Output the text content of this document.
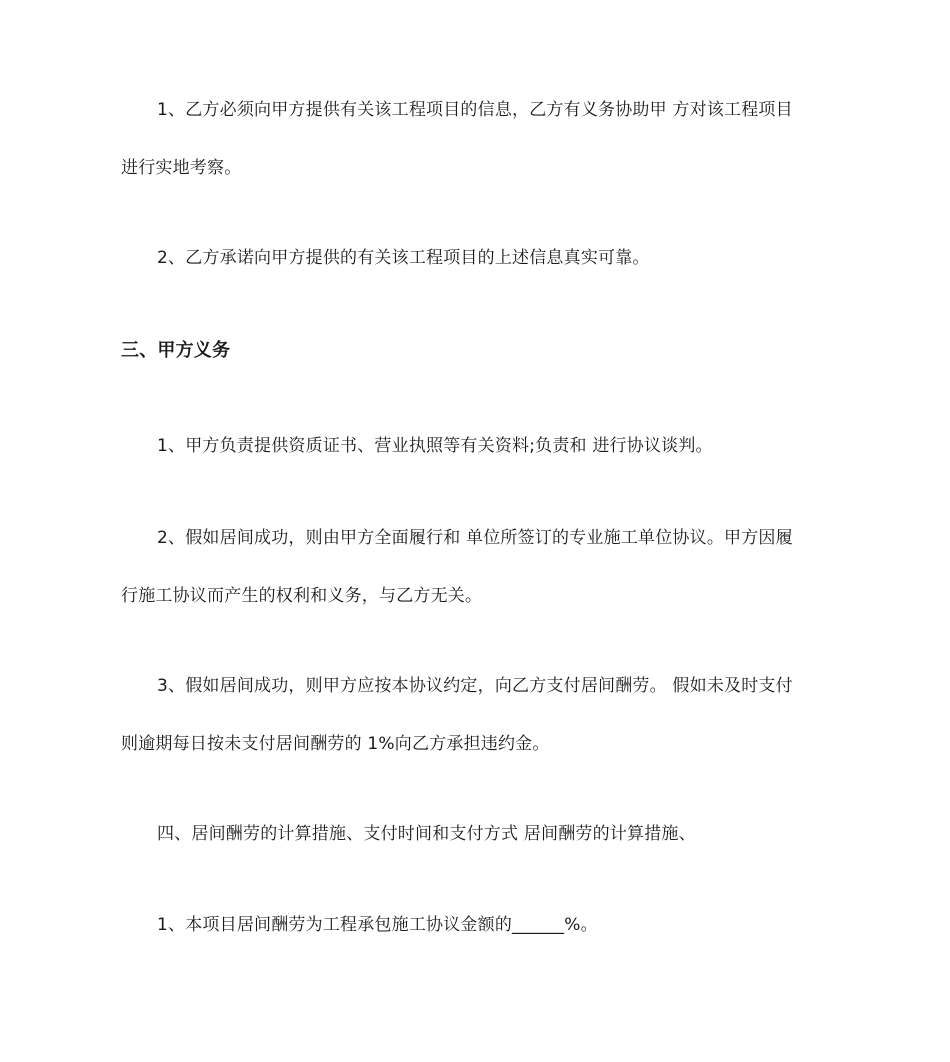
1、乙方必须向甲方提供有关该工程项目的信息，乙方有义务协助甲 方对该工程项目
进行实地考察。
2、乙方承诺向甲方提供的有关该工程项目的上述信息真实可靠。
三、甲方义务
1、甲方负责提供资质证书、营业执照等有关资料;负责和 进行协议谈判。
2、假如居间成功，则由甲方全面履行和 单位所签订的专业施工单位协议。甲方因履
行施工协议而产生的权利和义务，与乙方无关。
3、假如居间成功，则甲方应按本协议约定，向乙方支付居间酬劳。 假如未及时支付
则逾期每日按未支付居间酬劳的 1%向乙方承担违约金。
四、居间酬劳的计算措施、支付时间和支付方式 居间酬劳的计算措施、
1、本项目居间酬劳为工程承包施工协议金额的______%。
